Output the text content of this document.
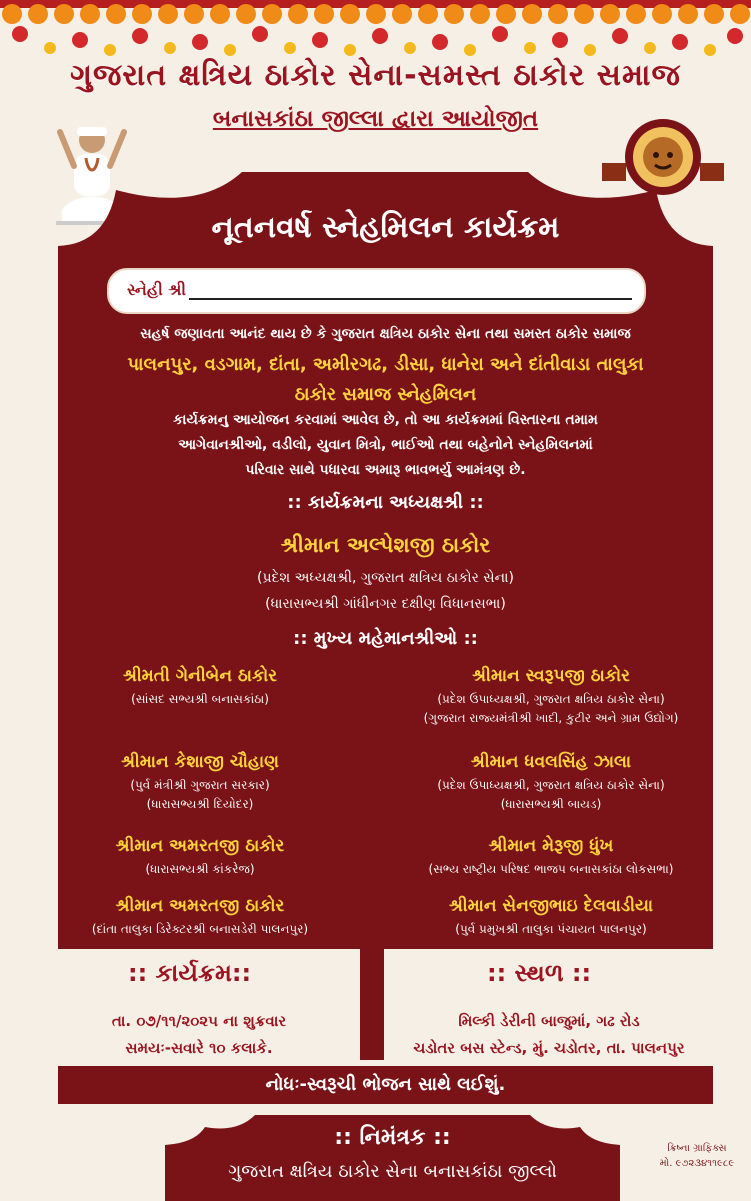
ગુજરાત ક્ષત્રિય ઠાકોર સેના-સમસ્ત ઠાકોર સમાજ
બનાસકાંઠા જીલ્લા દ્વારા આયોજીત
નૂતનવર્ષ સ્નેહમિલન કાર્યક્રમ
સ્નેહી શ્રી
સહર્ષ જણાવતા આનંદ થાય છે કે ગુજરાત ક્ષત્રિય ઠાકોર સેના તથા સમસ્ત ઠાકોર સમાજ
પાલનપુર, વડગામ, દાંતા, અમીરગઢ, ડીસા, ધાનેરા અને દાંતીવાડા તાલુકા
ઠાકોર સમાજ સ્નેહમિલન
કાર્યક્રમનુ આયોજન કરવામાં આવેલ છે, તો આ કાર્યક્રમમાં વિસ્તારના તમામ
આગેવાનશ્રીઓ, વડીલો, યુવાન મિત્રો, ભાઈઓ તથા બહેનોને સ્નેહમિલનમાં
પરિવાર સાથે પધારવા અમારૂ ભાવભર્યુ આમંત્રણ છે.
:: કાર્યક્રમના અધ્યક્ષશ્રી ::
શ્રીમાન અલ્પેશજી ઠાકોર
(પ્રદેશ અધ્યક્ષશ્રી, ગુજરાત ક્ષત્રિય ઠાકોર સેના)
(ધારાસભ્યશ્રી ગાંધીનગર દક્ષીણ વિધાનસભા)
:: મુખ્ય મહેમાનશ્રીઓ ::
શ્રીમતી ગેનીબેન ઠાકોર
(સાંસદ સભ્યશ્રી બનાસકાંઠા)
શ્રીમાન સ્વરૂપજી ઠાકોર
(પ્રદેશ ઉપાધ્યક્ષશ્રી, ગુજરાત ક્ષત્રિય ઠાકોર સેના)
(ગુજરાત રાજ્યમંત્રીશ્રી ખાદી, કુટીર અને ગ્રામ ઉદ્યોગ)
શ્રીમાન કેશાજી ચૌહાણ
(પુર્વ મંત્રીશ્રી ગુજરાત સરકાર)
(ધારાસભ્યશ્રી દિયોદર)
શ્રીમાન ધવલસિંહ ઝાલા
(પ્રદેશ ઉપાધ્યક્ષશ્રી, ગુજરાત ક્ષત્રિય ઠાકોર સેના)
(ધારાસભ્યશ્રી બાયડ)
શ્રીમાન અમરતજી ઠાકોર
(ધારાસભ્યશ્રી કાંકરેજ)
શ્રીમાન મેરૂજી ધુંખ
(સભ્ય રાષ્ટ્રીય પરિષદ ભાજપ બનાસકાંઠા લોકસભા)
શ્રીમાન અમરતજી ઠાકોર
(દાંતા તાલુકા ડિરેક્ટરશ્રી બનાસડેરી પાલનપુર)
શ્રીમાન સેનજીભાઇ દેલવાડીયા
(પુર્વ પ્રમુખશ્રી તાલુકા પંચાયત પાલનપુર)
:: કાર્યક્રમ::
તા. ૦૭/૧૧/૨૦૨૫ ના શુક્રવાર
સમયઃ-સવારે ૧૦ કલાકે.
:: સ્થળ ::
મિલ્કી ડેરીની બાજુમાં, ગઢ રોડ
ચડોતર બસ સ્ટેન્ડ, મું. ચડોતર, તા. પાલનપુર
નોધઃ-સ્વરૂચી ભોજન સાથે લઈશું.
:: નિમંત્રક ::
ગુજરાત ક્ષત્રિય ઠાકોર સેના બનાસકાંઠા જીલ્લો
ક્રિષ્ના ગ્રાફિક્સ
મો. ૯૭૨૩૪૧૧૯૮૯
